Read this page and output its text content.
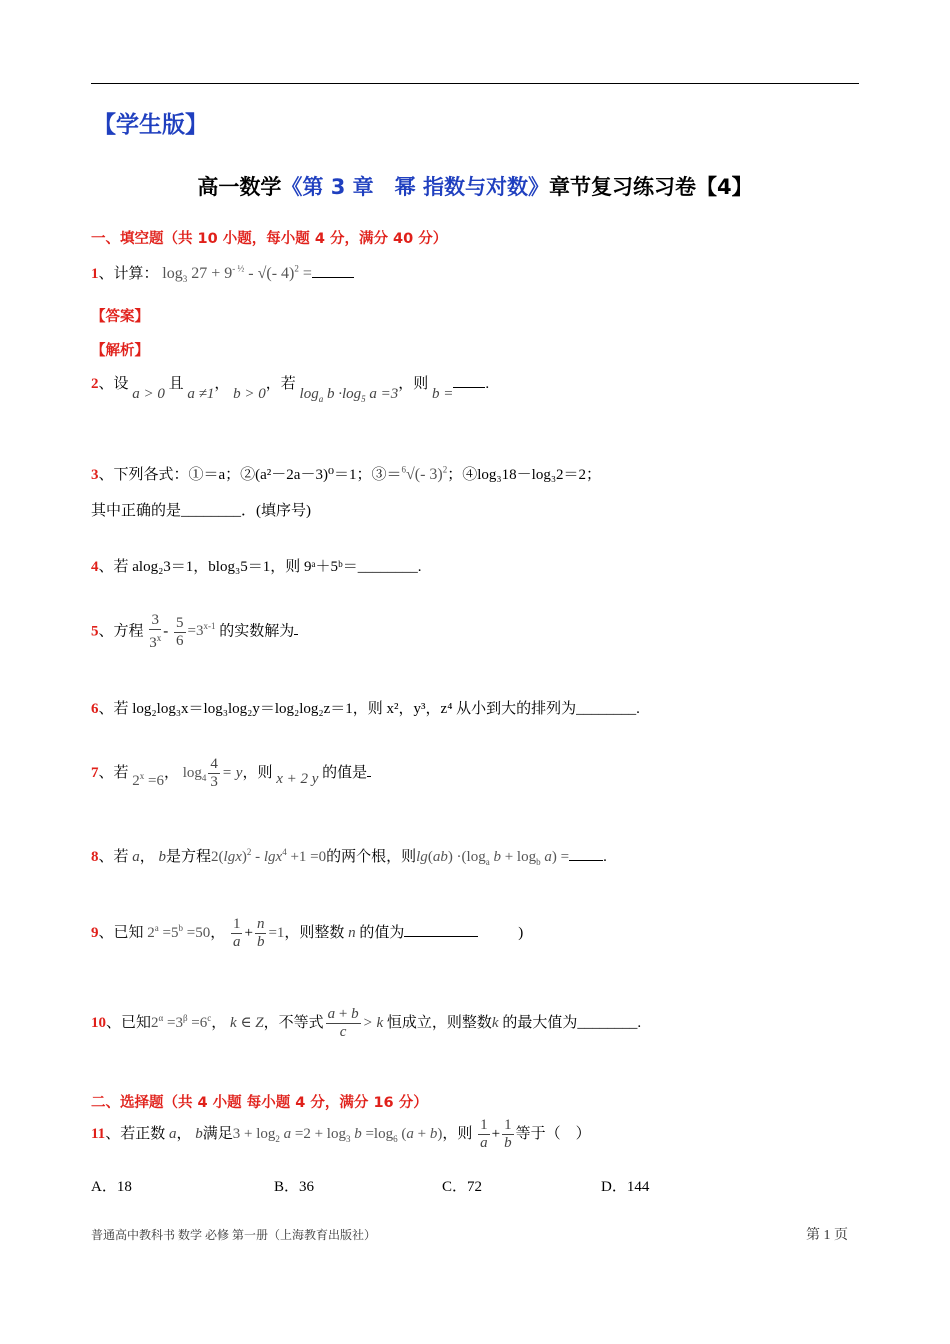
【学生版】
高一数学《第 3 章　幂 指数与对数》章节复习练习卷【4】
一、填空题（共 10 小题，每小题 4 分，满分 40 分）
1、计算： $\log_3 27 + 9^{- \frac{1}{2}}$ - √(- 4)$^2$ =
【答案】
【解析】
2、设 a > 0 且 a ≠1， b > 0，若 $\log_a b \cdot\log_5$ a =3，则 b =.
3、下列各式：①＝a；②(a²－2a－3)⁰＝1；③＝$^6$√(- 3)$^2$；④log₃18－log₃2＝2；
其中正确的是________．(填序号)
4、若 alog₂3＝1，blog₃5＝1，则 9ᵃ＋5ᵇ＝________.
5、方程 $\frac{3}{3^x} - \frac{5}{6} =3^{x-1}$ 的实数解为
6、若 log₂log₃x＝log₃log₂y＝log₂log₂z＝1，则 x²，y³，z⁴ 从小到大的排列为________.
7、若 $2^x =6$， $\log_4 \frac{4}{3} = y$，则 x + 2 y 的值是
8、若 a， b是方程$2(\lg x)^2 - \lg x^4 +1 =0$的两个根，则$\lg(ab) \cdot(\log_a$ $b + \log_b a$) = .
9、已知 $2^a =5^b =50$， $\frac{1}{a} + \frac{n}{b} =1$，则整数 n 的值为	)
10、已知$2^\alpha =3^\beta =6^c$， k ∈ Z，不等式 $\frac{a + b}{c} > k$ 恒成立，则整数k 的最大值为________.
二、选择题（共 4 小题 每小题 4 分，满分 16 分）
11、若正数 a， b满足$3 + \log_2 a =2 + \log_3 b =\log_6$ (a + b)，则 $\frac{1}{a} + \frac{1}{b}$ 等于（　）
A．18	B．36	C．72	D．144
普通高中教科书 数学 必修 第一册（上海教育出版社）	第 1 页
